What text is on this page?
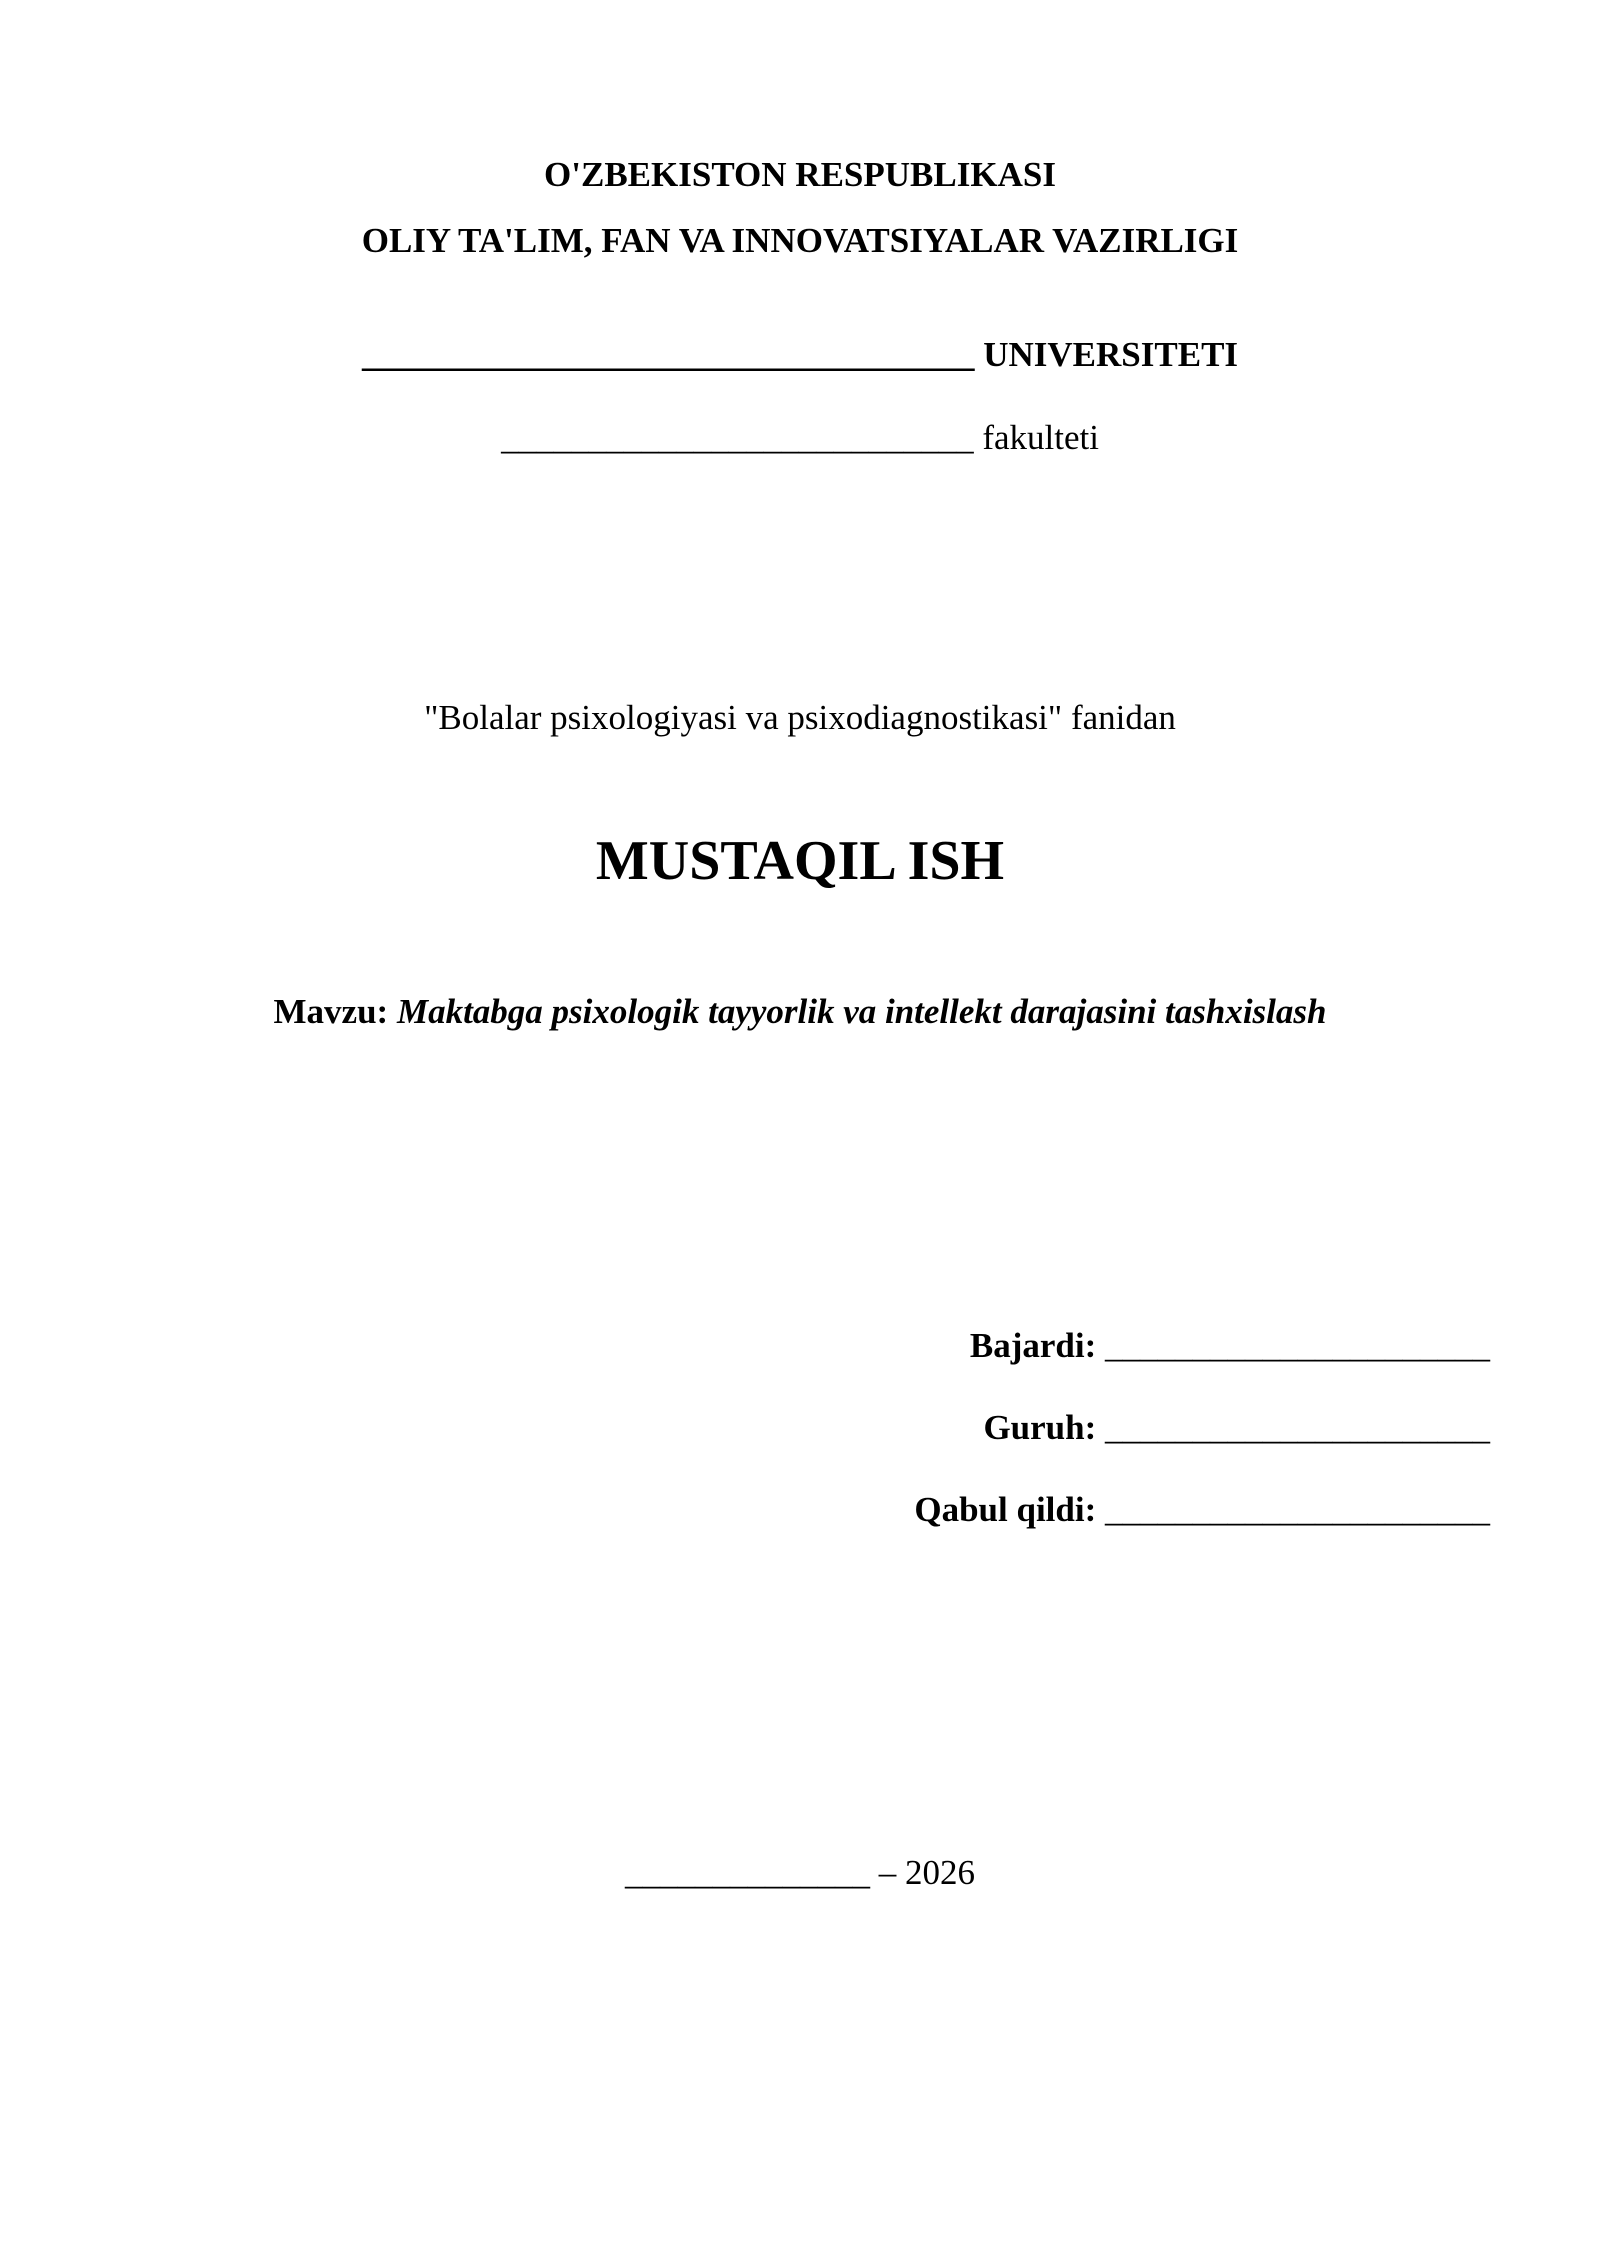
O'ZBEKISTON RESPUBLIKASI
OLIY TA'LIM, FAN VA INNOVATSIYALAR VAZIRLIGI
___________________________________ UNIVERSITETI
___________________________ fakulteti
"Bolalar psixologiyasi va psixodiagnostikasi" fanidan
MUSTAQIL ISH
Mavzu: Maktabga psixologik tayyorlik va intellekt darajasini tashxislash
Bajardi: ______________________
Guruh: ______________________
Qabul qildi: ______________________
______________ – 2026
